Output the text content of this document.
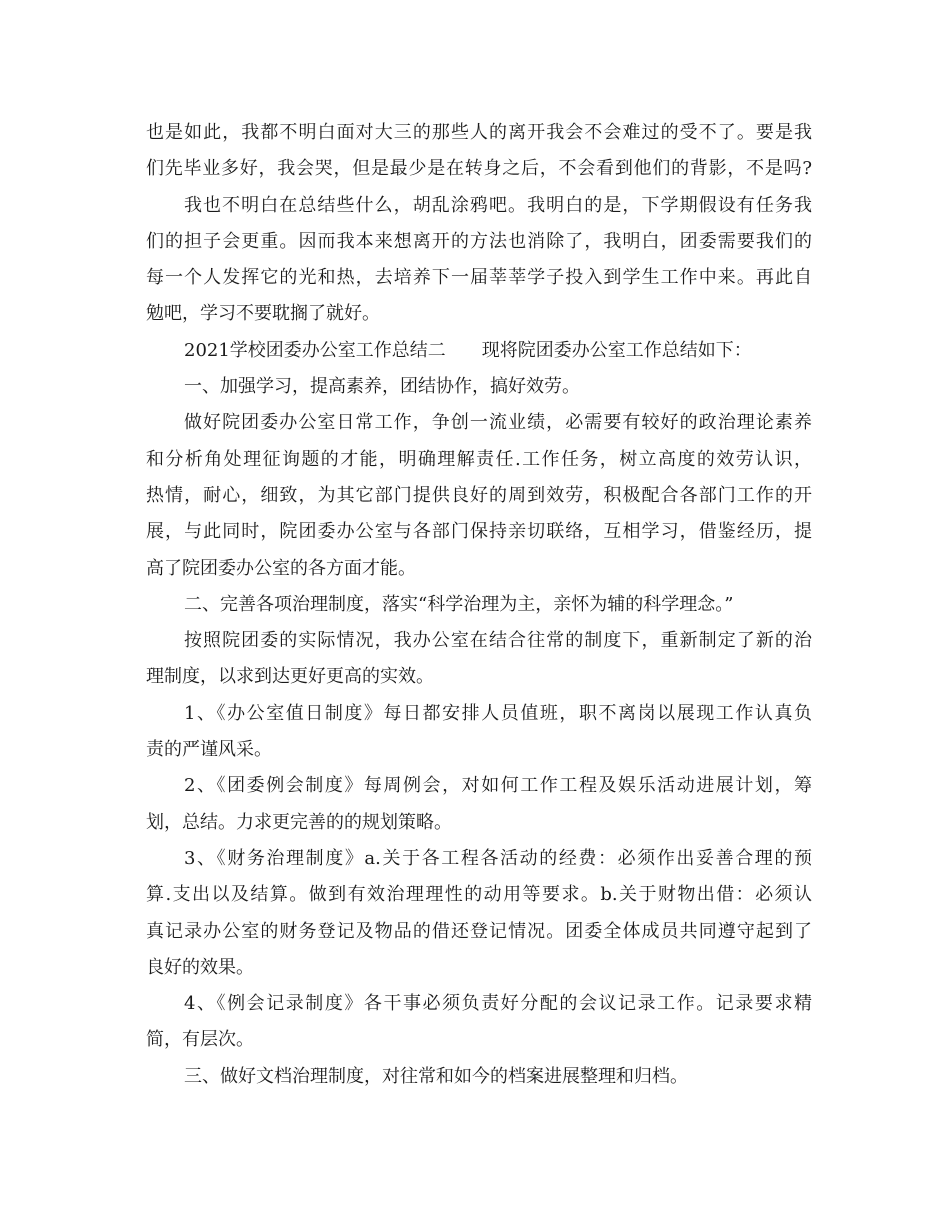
也是如此，我都不明白面对大三的那些人的离开我会不会难过的受不了。要是我
们先毕业多好，我会哭，但是最少是在转身之后，不会看到他们的背影，不是吗?
我也不明白在总结些什么，胡乱涂鸦吧。我明白的是，下学期假设有任务我
们的担子会更重。因而我本来想离开的方法也消除了，我明白，团委需要我们的
每一个人发挥它的光和热，去培养下一届莘莘学子投入到学生工作中来。再此自
勉吧，学习不要耽搁了就好。
2021学校团委办公室工作总结二　　现将院团委办公室工作总结如下：
一、加强学习，提高素养，团结协作，搞好效劳。
做好院团委办公室日常工作，争创一流业绩，必需要有较好的政治理论素养
和分析角处理征询题的才能，明确理解责任.工作任务，树立高度的效劳认识，
热情，耐心，细致，为其它部门提供良好的周到效劳，积极配合各部门工作的开
展，与此同时，院团委办公室与各部门保持亲切联络，互相学习，借鉴经历，提
高了院团委办公室的各方面才能。
二、完善各项治理制度，落实“科学治理为主，亲怀为辅的科学理念。”
按照院团委的实际情况，我办公室在结合往常的制度下，重新制定了新的治
理制度，以求到达更好更高的实效。
1、《办公室值日制度》每日都安排人员值班，职不离岗以展现工作认真负
责的严谨风采。
2、《团委例会制度》每周例会，对如何工作工程及娱乐活动进展计划，筹
划，总结。力求更完善的的规划策略。
3、《财务治理制度》a.关于各工程各活动的经费：必须作出妥善合理的预
算.支出以及结算。做到有效治理理性的动用等要求。b.关于财物出借：必须认
真记录办公室的财务登记及物品的借还登记情况。团委全体成员共同遵守起到了
良好的效果。
4、《例会记录制度》各干事必须负责好分配的会议记录工作。记录要求精
简，有层次。
三、做好文档治理制度，对往常和如今的档案进展整理和归档。
